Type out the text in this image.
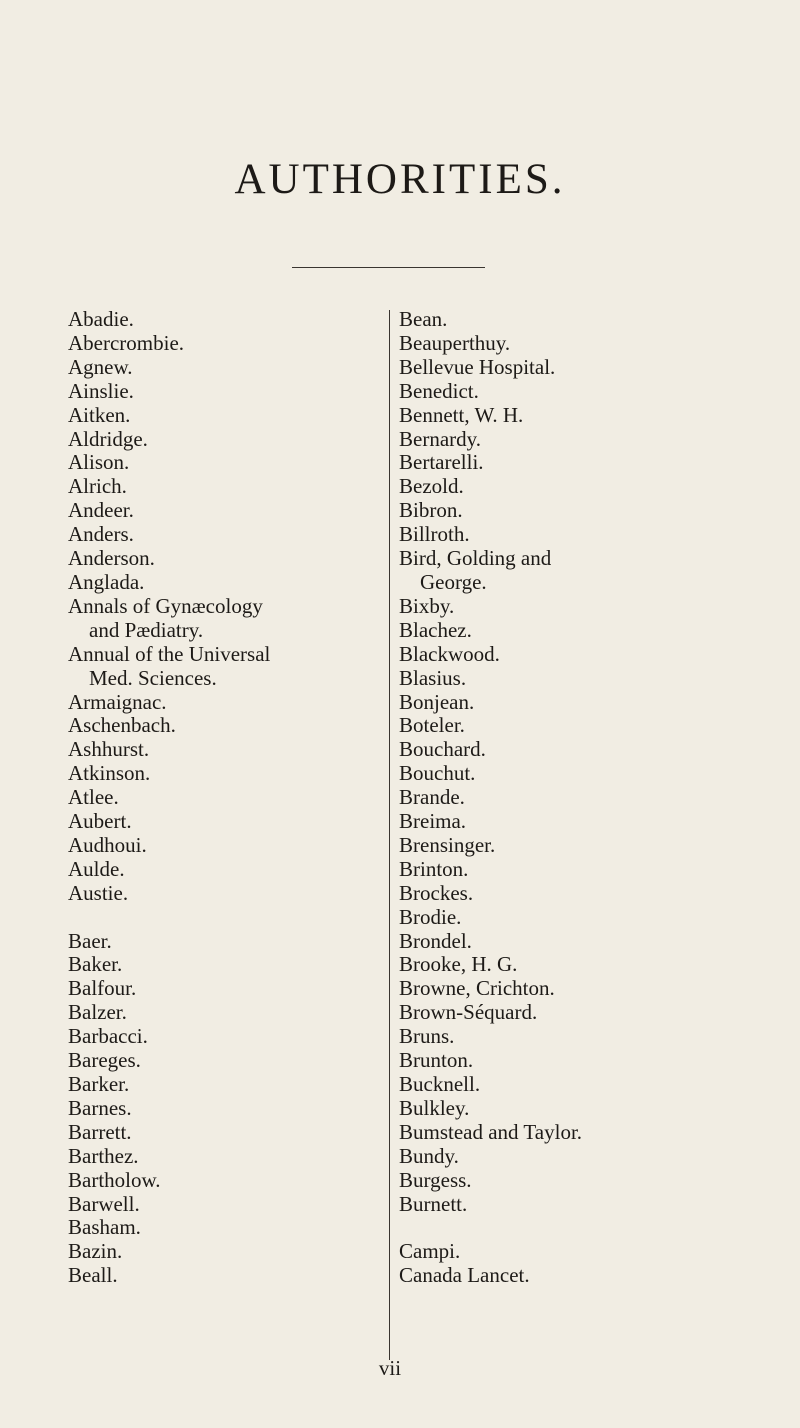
AUTHORITIES.
Abadie.
Abercrombie.
Agnew.
Ainslie.
Aitken.
Aldridge.
Alison.
Alrich.
Andeer.
Anders.
Anderson.
Anglada.
Annals of Gynæcology
and Pædiatry.
Annual of the Universal
Med. Sciences.
Armaignac.
Aschenbach.
Ashhurst.
Atkinson.
Atlee.
Aubert.
Audhoui.
Aulde.
Austie.
Baer.
Baker.
Balfour.
Balzer.
Barbacci.
Bareges.
Barker.
Barnes.
Barrett.
Barthez.
Bartholow.
Barwell.
Basham.
Bazin.
Beall.
Bean.
Beauperthuy.
Bellevue Hospital.
Benedict.
Bennett, W. H.
Bernardy.
Bertarelli.
Bezold.
Bibron.
Billroth.
Bird, Golding and
George.
Bixby.
Blachez.
Blackwood.
Blasius.
Bonjean.
Boteler.
Bouchard.
Bouchut.
Brande.
Breima.
Brensinger.
Brinton.
Brockes.
Brodie.
Brondel.
Brooke, H. G.
Browne, Crichton.
Brown-Séquard.
Bruns.
Brunton.
Bucknell.
Bulkley.
Bumstead and Taylor.
Bundy.
Burgess.
Burnett.
Campi.
Canada Lancet.
vii
